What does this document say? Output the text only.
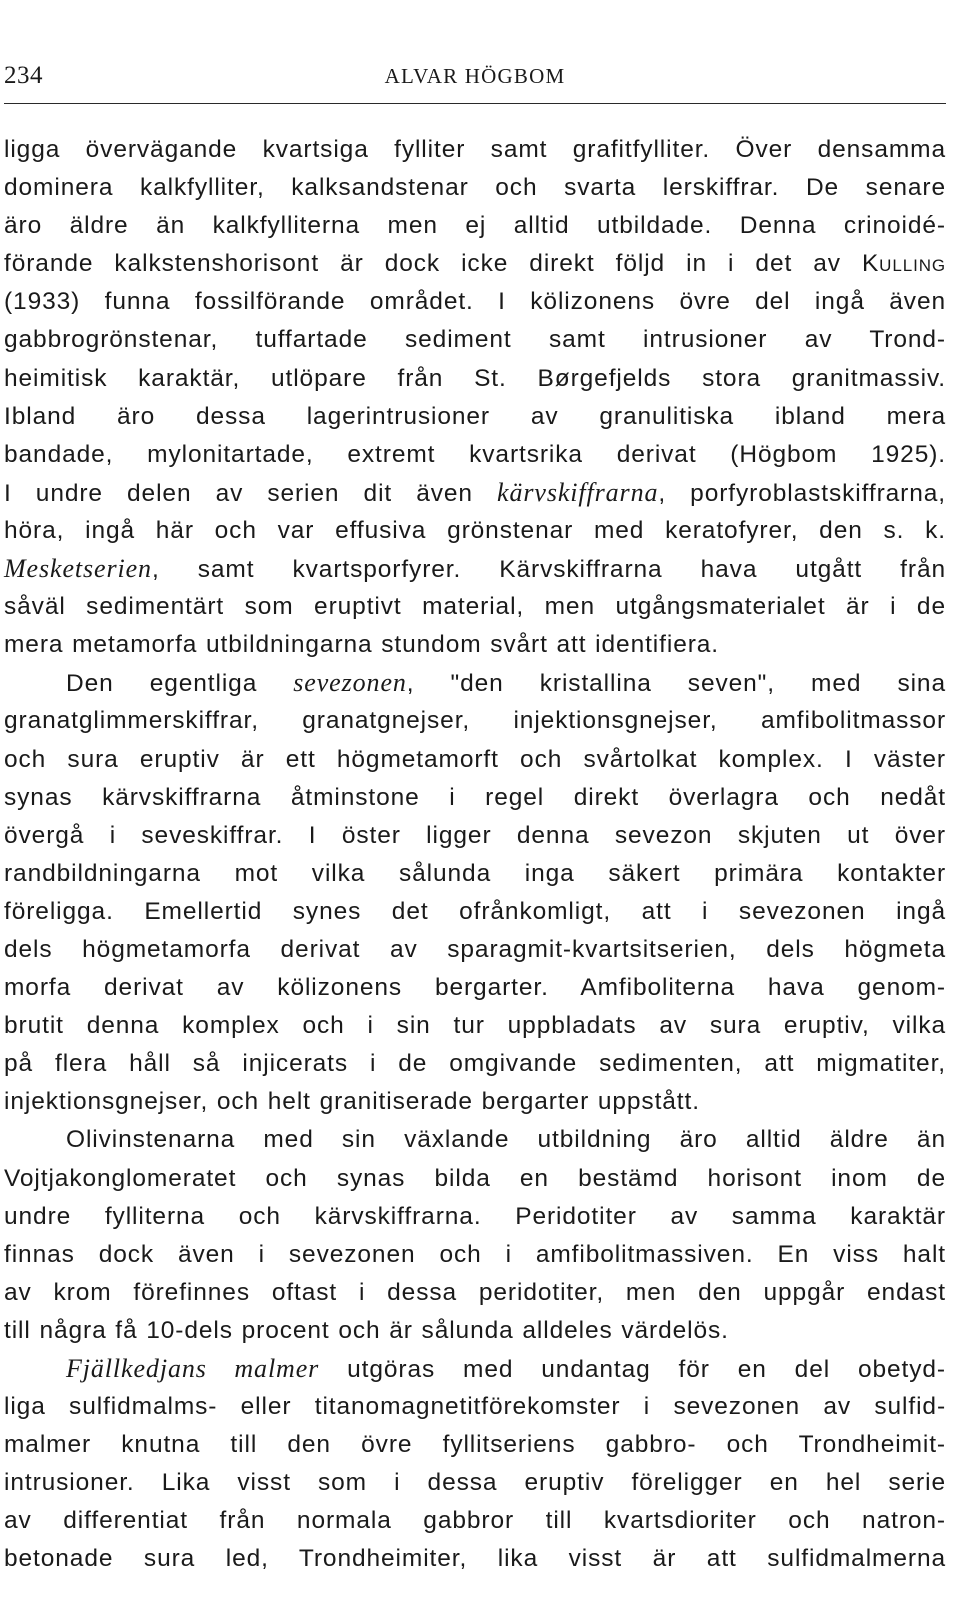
234	ALVAR HÖGBOM
ligga övervägande kvartsiga fylliter samt grafitfylliter. Över densamma
dominera kalkfylliter, kalksandstenar och svarta lerskiffrar. De senare
äro äldre än kalkfylliterna men ej alltid utbildade. Denna crinoidé-
förande kalkstenshorisont är dock icke direkt följd in i det av Kulling
(1933) funna fossilförande området. I kölizonens övre del ingå även
gabbrogrönstenar, tuffartade sediment samt intrusioner av Trond-
heimitisk karaktär, utlöpare från St. Børgefjelds stora granitmassiv.
Ibland äro dessa lagerintrusioner av granulitiska ibland mera
bandade, mylonitartade, extremt kvartsrika derivat (Högbom 1925).
I undre delen av serien dit även kärvskiffrarna, porfyroblastskiffrarna,
höra, ingå här och var effusiva grönstenar med keratofyrer, den s. k.
Mesketserien, samt kvartsporfyrer. Kärvskiffrarna hava utgått från
såväl sedimentärt som eruptivt material, men utgångsmaterialet är i de
mera metamorfa utbildningarna stundom svårt att identifiera.
Den egentliga sevezonen, "den kristallina seven", med sina
granatglimmerskiffrar, granatgnejser, injektionsgnejser, amfibolitmassor
och sura eruptiv är ett högmetamorft och svårtolkat komplex. I väster
synas kärvskiffrarna åtminstone i regel direkt överlagra och nedåt
övergå i seveskiffrar. I öster ligger denna sevezon skjuten ut över
randbildningarna mot vilka sålunda inga säkert primära kontakter
föreligga. Emellertid synes det ofrånkomligt, att i sevezonen ingå
dels högmetamorfa derivat av sparagmit-kvartsitserien, dels högmeta
morfa derivat av kölizonens bergarter. Amfiboliterna hava genom-
brutit denna komplex och i sin tur uppbladats av sura eruptiv, vilka
på flera håll så injicerats i de omgivande sedimenten, att migmatiter,
injektionsgnejser, och helt granitiserade bergarter uppstått.
Olivinstenarna med sin växlande utbildning äro alltid äldre än
Vojtjakonglomeratet och synas bilda en bestämd horisont inom de
undre fylliterna och kärvskiffrarna. Peridotiter av samma karaktär
finnas dock även i sevezonen och i amfibolitmassiven. En viss halt
av krom förefinnes oftast i dessa peridotiter, men den uppgår endast
till några få 10-dels procent och är sålunda alldeles värdelös.
Fjällkedjans malmer utgöras med undantag för en del obetyd-
liga sulfidmalms- eller titanomagnetitförekomster i sevezonen av sulfid-
malmer knutna till den övre fyllitseriens gabbro- och Trondheimit-
intrusioner. Lika visst som i dessa eruptiv föreligger en hel serie
av differentiat från normala gabbror till kvartsdioriter och natron-
betonade sura led, Trondheimiter, lika visst är att sulfidmalmerna
